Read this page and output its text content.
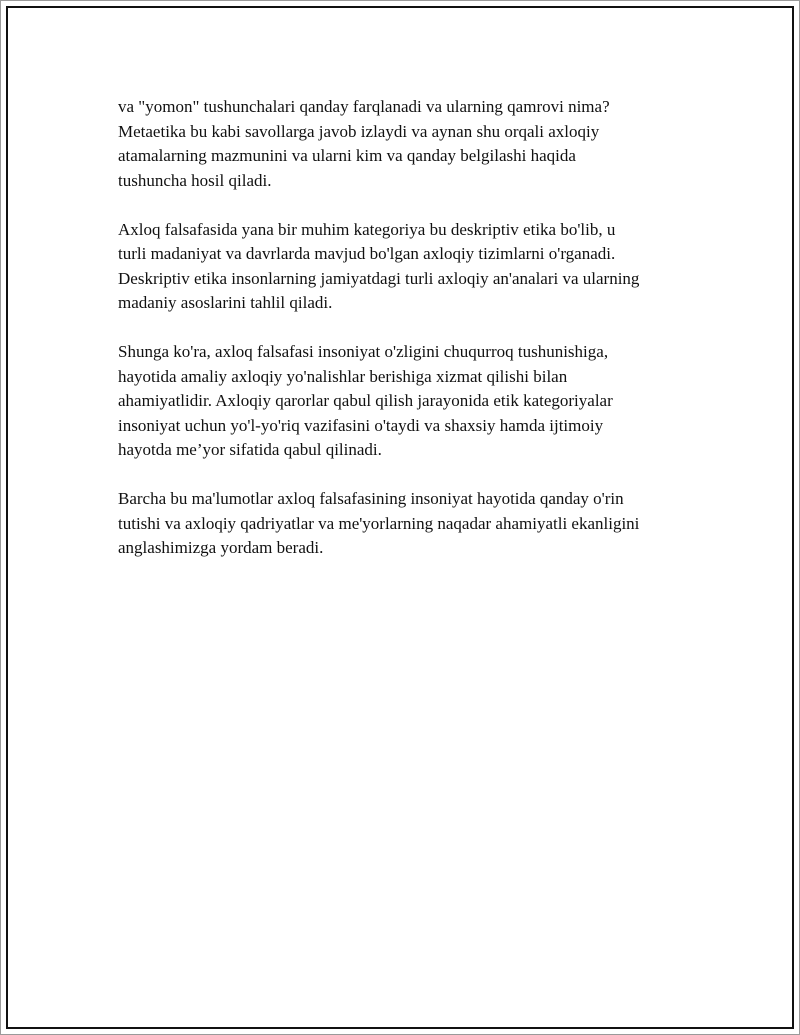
va "yomon" tushunchalari qanday farqlanadi va ularning qamrovi nima?
Metaetika bu kabi savollarga javob izlaydi va aynan shu orqali axloqiy
atamalarning mazmunini va ularni kim va qanday belgilashi haqida
tushuncha hosil qiladi.

Axloq falsafasida yana bir muhim kategoriya bu deskriptiv etika bo'lib, u
turli madaniyat va davrlarda mavjud bo'lgan axloqiy tizimlarni o'rganadi.
Deskriptiv etika insonlarning jamiyatdagi turli axloqiy an'analari va ularning
madaniy asoslarini tahlil qiladi.

Shunga ko'ra, axloq falsafasi insoniyat o'zligini chuqurroq tushunishiga,
hayotida amaliy axloqiy yo'nalishlar berishiga xizmat qilishi bilan
ahamiyatlidir. Axloqiy qarorlar qabul qilish jarayonida etik kategoriyalar
insoniyat uchun yo'l-yo'riq vazifasini o'taydi va shaxsiy hamda ijtimoiy
hayotda me’yor sifatida qabul qilinadi.

Barcha bu ma'lumotlar axloq falsafasining insoniyat hayotida qanday o'rin
tutishi va axloqiy qadriyatlar va me'yorlarning naqadar ahamiyatli ekanligini
anglashimizga yordam beradi.
